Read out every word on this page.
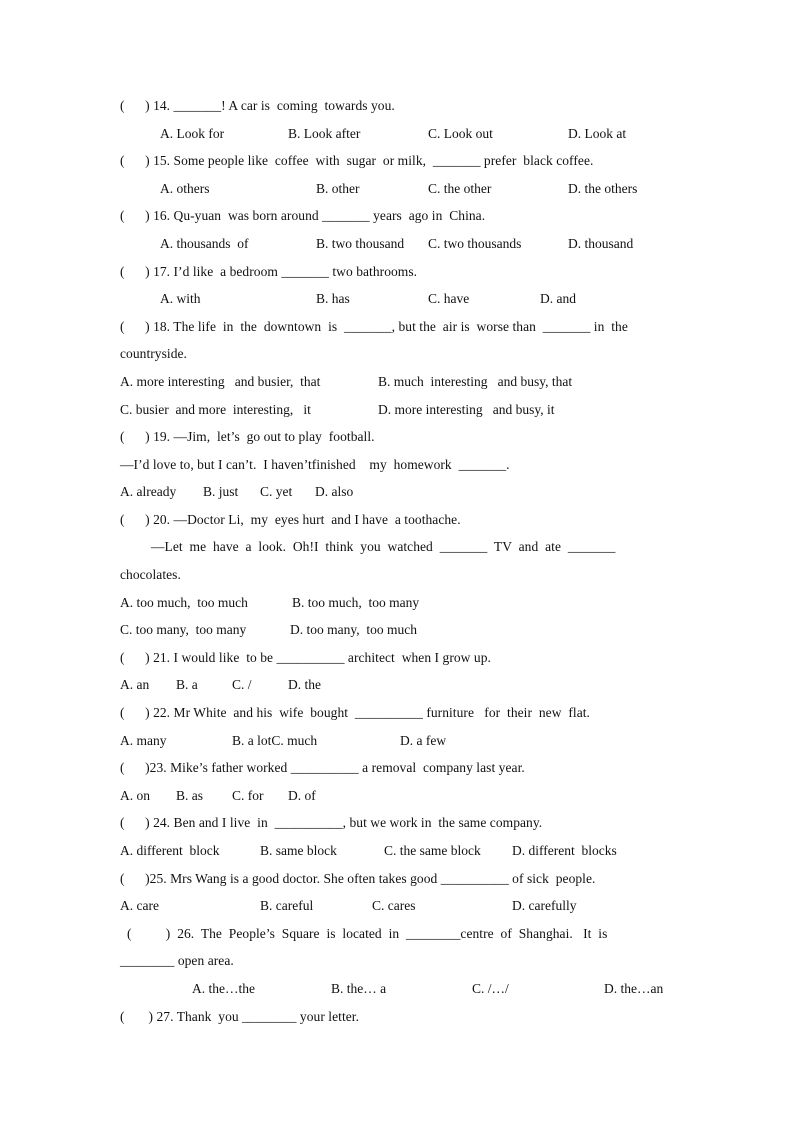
(      ) 14. _______! A car is  coming  towards you.
A. Look for	B. Look after	C. Look out	D. Look at
(      ) 15. Some people like  coffee  with  sugar  or milk,  _______ prefer  black coffee.
A. others	B. other	C. the other	D. the others
(      ) 16. Qu-yuan  was born around _______ years  ago in  China.
A. thousands  of	B. two thousand C. two thousands	D. thousand
(      ) 17. I’d like  a bedroom _______ two bathrooms.
A. with	B. has	C. have	D. and
(      ) 18. The life  in  the  downtown  is  _______, but the  air is  worse than  _______ in  the
countryside.
A. more interesting   and busier,  that	B. much  interesting   and busy, that
C. busier  and more  interesting,   it	D. more interesting   and busy, it
(      ) 19. —Jim,  let’s  go out to play  football.
—I’d love to, but I can’t.  I haven’tfinished    my  homework  _______.
A. already B. just C. yet D. also
(      ) 20. —Doctor Li,  my  eyes hurt  and I have  a toothache.
—Let  me  have  a  look.  Oh!I  think  you  watched  _______  TV  and  ate  _______
chocolates.
A. too much,  too much	B. too much,  too many
C. too many,  too many	D. too many,  too much
(      ) 21. I would like  to be __________ architect  when I grow up.
A. an B. a	C. /	D. the
(      ) 22. Mr White  and his  wife  bought  __________ furniture   for  their  new  flat.
A. many	B. a lotC. much	D. a few
(      )23. Mike’s father worked __________ a removal  company last year.
A. on B. as C. for D. of
(      ) 24. Ben and I live  in  __________, but we work in  the same company.
A. different  block	B. same block	C. the same block D. different  blocks
(      )25. Mrs Wang is a good doctor. She often takes good __________ of sick  people.
A. care	B. careful	C. cares	D. carefully
(          )  26.  The  People’s  Square  is  located  in  ________centre  of  Shanghai.   It  is
________ open area.
A. the…the	B. the… a	C. /…/	D. the…an
(       ) 27. Thank  you ________ your letter.
